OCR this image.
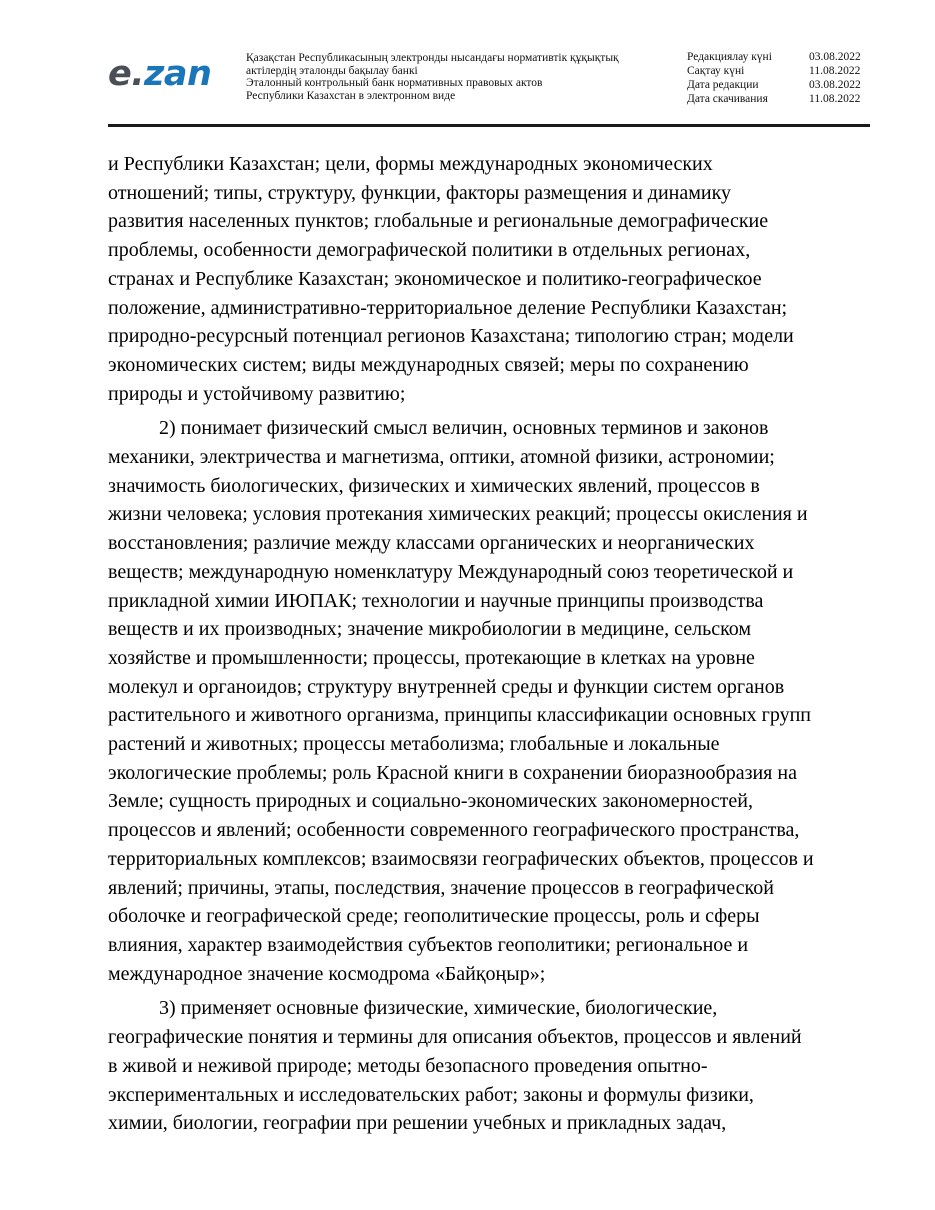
e . zan	Қазақстан Республикасының электронды нысандағы нормативтік құқықтық
актілердің эталонды бақылау банкі
Эталонный контрольный банк нормативных правовых актов
Республики Казахстан в электронном виде
Редакциялау күні	03.08.2022
Сақтау күні	11.08.2022
Дата редакции	03.08.2022
Дата скачивания	11.08.2022
и Республики Казахстан; цели, формы международных экономических
отношений; типы, структуру, функции, факторы размещения и динамику
развития населенных пунктов; глобальные и региональные демографические
проблемы, особенности демографической политики в отдельных регионах,
странах и Республике Казахстан; экономическое и политико-географическое
положение, административно-территориальное деление Республики Казахстан;
природно-ресурсный потенциал регионов Казахстана; типологию стран; модели
экономических систем; виды международных связей; меры по сохранению
природы и устойчивому развитию;
2) понимает физический смысл величин, основных терминов и законов
механики, электричества и магнетизма, оптики, атомной физики, астрономии;
значимость биологических, физических и химических явлений, процессов в
жизни человека; условия протекания химических реакций; процессы окисления и
восстановления; различие между классами органических и неорганических
веществ; международную номенклатуру Международный союз теоретической и
прикладной химии ИЮПАК; технологии и научные принципы производства
веществ и их производных; значение микробиологии в медицине, сельском
хозяйстве и промышленности; процессы, протекающие в клетках на уровне
молекул и органоидов; структуру внутренней среды и функции систем органов
растительного и животного организма, принципы классификации основных групп
растений и животных; процессы метаболизма; глобальные и локальные
экологические проблемы; роль Красной книги в сохранении биоразнообразия на
Земле; сущность природных и социально-экономических закономерностей,
процессов и явлений; особенности современного географического пространства,
территориальных комплексов; взаимосвязи географических объектов, процессов и
явлений; причины, этапы, последствия, значение процессов в географической
оболочке и географической среде; геополитические процессы, роль и сферы
влияния, характер взаимодействия субъектов геополитики; региональное и
международное значение космодрома «Байқоңыр»;
3) применяет основные физические, химические, биологические,
географические понятия и термины для описания объектов, процессов и явлений
в живой и неживой природе; методы безопасного проведения опытно-
экспериментальных и исследовательских работ; законы и формулы физики,
химии, биологии, географии при решении учебных и прикладных задач,
